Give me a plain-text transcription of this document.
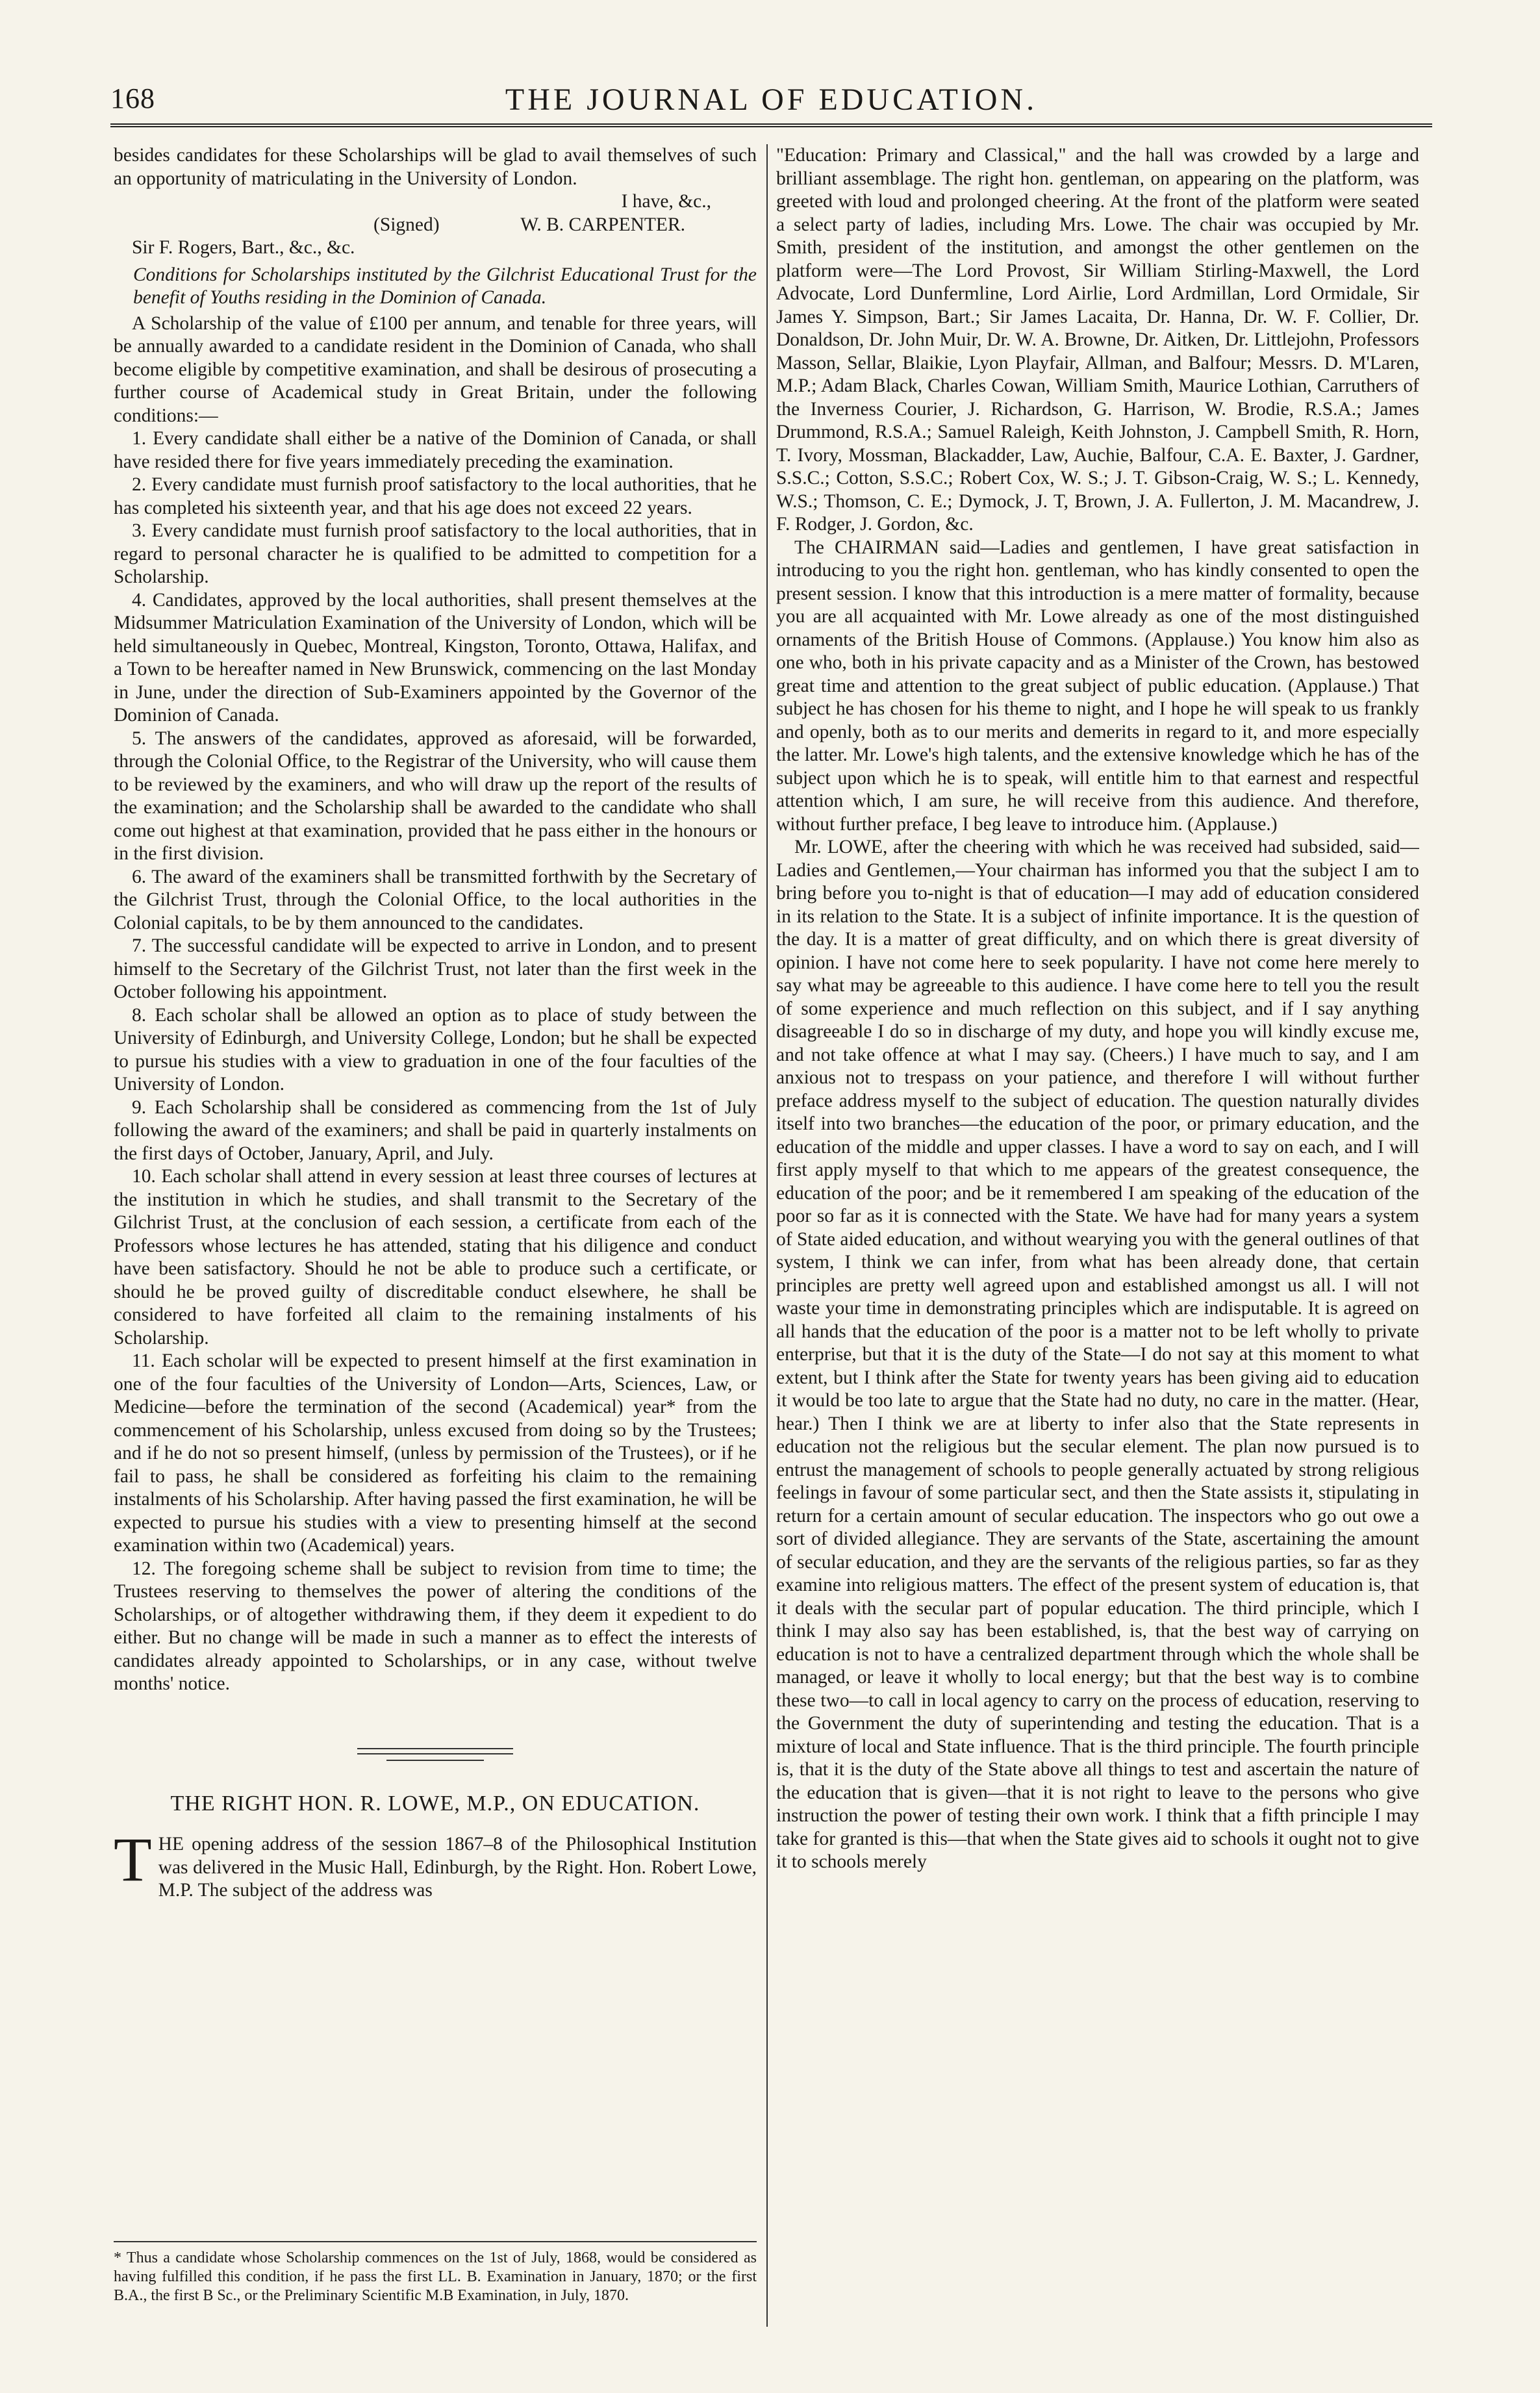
168	THE JOURNAL OF EDUCATION.

besides candidates for these Scholarships will be glad to avail themselves of such an opportunity of matriculating in the University of London.

I have, &c.,

(Signed)	W. B. CARPENTER.

Sir F. Rogers, Bart., &c., &c.

Conditions for Scholarships instituted by the Gilchrist Educational Trust for the benefit of Youths residing in the Dominion of Canada.

A Scholarship of the value of £100 per annum, and tenable for three years, will be annually awarded to a candidate resident in the Dominion of Canada, who shall become eligible by competitive examination, and shall be desirous of prosecuting a further course of Academical study in Great Britain, under the following conditions:—

1. Every candidate shall either be a native of the Dominion of Canada, or shall have resided there for five years immediately preceding the examination.

2. Every candidate must furnish proof satisfactory to the local authorities, that he has completed his sixteenth year, and that his age does not exceed 22 years.

3. Every candidate must furnish proof satisfactory to the local authorities, that in regard to personal character he is qualified to be admitted to competition for a Scholarship.

4. Candidates, approved by the local authorities, shall present themselves at the Midsummer Matriculation Examination of the University of London, which will be held simultaneously in Quebec, Montreal, Kingston, Toronto, Ottawa, Halifax, and a Town to be hereafter named in New Brunswick, commencing on the last Monday in June, under the direction of Sub-Examiners appointed by the Governor of the Dominion of Canada.

5. The answers of the candidates, approved as aforesaid, will be forwarded, through the Colonial Office, to the Registrar of the University, who will cause them to be reviewed by the examiners, and who will draw up the report of the results of the examination; and the Scholarship shall be awarded to the candidate who shall come out highest at that examination, provided that he pass either in the honours or in the first division.

6. The award of the examiners shall be transmitted forthwith by the Secretary of the Gilchrist Trust, through the Colonial Office, to the local authorities in the Colonial capitals, to be by them announced to the candidates.

7. The successful candidate will be expected to arrive in London, and to present himself to the Secretary of the Gilchrist Trust, not later than the first week in the October following his appointment.

8. Each scholar shall be allowed an option as to place of study between the University of Edinburgh, and University College, London; but he shall be expected to pursue his studies with a view to graduation in one of the four faculties of the University of London.

9. Each Scholarship shall be considered as commencing from the 1st of July following the award of the examiners; and shall be paid in quarterly instalments on the first days of October, January, April, and July.

10. Each scholar shall attend in every session at least three courses of lectures at the institution in which he studies, and shall transmit to the Secretary of the Gilchrist Trust, at the conclusion of each session, a certificate from each of the Professors whose lectures he has attended, stating that his diligence and conduct have been satisfactory. Should he not be able to produce such a certificate, or should he be proved guilty of discreditable conduct elsewhere, he shall be considered to have forfeited all claim to the remaining instalments of his Scholarship.

11. Each scholar will be expected to present himself at the first examination in one of the four faculties of the University of London—Arts, Sciences, Law, or Medicine—before the termination of the second (Academical) year* from the commencement of his Scholarship, unless excused from doing so by the Trustees; and if he do not so present himself, (unless by permission of the Trustees), or if he fail to pass, he shall be considered as forfeiting his claim to the remaining instalments of his Scholarship. After having passed the first examination, he will be expected to pursue his studies with a view to presenting himself at the second examination within two (Academical) years.

12. The foregoing scheme shall be subject to revision from time to time; the Trustees reserving to themselves the power of altering the conditions of the Scholarships, or of altogether withdrawing them, if they deem it expedient to do either. But no change will be made in such a manner as to effect the interests of candidates already appointed to Scholarships, or in any case, without twelve months' notice.

THE RIGHT HON. R. LOWE, M.P., ON EDUCATION.

THE opening address of the session 1867–8 of the Philosophical Institution was delivered in the Music Hall, Edinburgh, by the Right. Hon. Robert Lowe, M.P. The subject of the address was

"Education: Primary and Classical," and the hall was crowded by a large and brilliant assemblage. The right hon. gentleman, on appearing on the platform, was greeted with loud and prolonged cheering. At the front of the platform were seated a select party of ladies, including Mrs. Lowe. The chair was occupied by Mr. Smith, president of the institution, and amongst the other gentlemen on the platform were—The Lord Provost, Sir William Stirling-Maxwell, the Lord Advocate, Lord Dunfermline, Lord Airlie, Lord Ardmillan, Lord Ormidale, Sir James Y. Simpson, Bart.; Sir James Lacaita, Dr. Hanna, Dr. W. F. Collier, Dr. Donaldson, Dr. John Muir, Dr. W. A. Browne, Dr. Aitken, Dr. Littlejohn, Professors Masson, Sellar, Blaikie, Lyon Playfair, Allman, and Balfour; Messrs. D. M'Laren, M.P.; Adam Black, Charles Cowan, William Smith, Maurice Lothian, Carruthers of the Inverness Courier, J. Richardson, G. Harrison, W. Brodie, R.S.A.; James Drummond, R.S.A.; Samuel Raleigh, Keith Johnston, J. Campbell Smith, R. Horn, T. Ivory, Mossman, Blackadder, Law, Auchie, Balfour, C.A. E. Baxter, J. Gardner, S.S.C.; Cotton, S.S.C.; Robert Cox, W. S.; J. T. Gibson-Craig, W. S.; L. Kennedy, W.S.; Thomson, C. E.; Dymock, J. T, Brown, J. A. Fullerton, J. M. Macandrew, J. F. Rodger, J. Gordon, &c.

The CHAIRMAN said—Ladies and gentlemen, I have great satisfaction in introducing to you the right hon. gentleman, who has kindly consented to open the present session. I know that this introduction is a mere matter of formality, because you are all acquainted with Mr. Lowe already as one of the most distinguished ornaments of the British House of Commons. (Applause.) You know him also as one who, both in his private capacity and as a Minister of the Crown, has bestowed great time and attention to the great subject of public education. (Applause.) That subject he has chosen for his theme to night, and I hope he will speak to us frankly and openly, both as to our merits and demerits in regard to it, and more especially the latter. Mr. Lowe's high talents, and the extensive knowledge which he has of the subject upon which he is to speak, will entitle him to that earnest and respectful attention which, I am sure, he will receive from this audience. And therefore, without further preface, I beg leave to introduce him. (Applause.)

Mr. LOWE, after the cheering with which he was received had subsided, said—Ladies and Gentlemen,—Your chairman has informed you that the subject I am to bring before you to-night is that of education—I may add of education considered in its relation to the State. It is a subject of infinite importance. It is the question of the day. It is a matter of great difficulty, and on which there is great diversity of opinion. I have not come here to seek popularity. I have not come here merely to say what may be agreeable to this audience. I have come here to tell you the result of some experience and much reflection on this subject, and if I say anything disagreeable I do so in discharge of my duty, and hope you will kindly excuse me, and not take offence at what I may say. (Cheers.) I have much to say, and I am anxious not to trespass on your patience, and therefore I will without further preface address myself to the subject of education. The question naturally divides itself into two branches—the education of the poor, or primary education, and the education of the middle and upper classes. I have a word to say on each, and I will first apply myself to that which to me appears of the greatest consequence, the education of the poor; and be it remembered I am speaking of the education of the poor so far as it is connected with the State. We have had for many years a system of State aided education, and without wearying you with the general outlines of that system, I think we can infer, from what has been already done, that certain principles are pretty well agreed upon and established amongst us all. I will not waste your time in demonstrating principles which are indisputable. It is agreed on all hands that the education of the poor is a matter not to be left wholly to private enterprise, but that it is the duty of the State—I do not say at this moment to what extent, but I think after the State for twenty years has been giving aid to education it would be too late to argue that the State had no duty, no care in the matter. (Hear, hear.) Then I think we are at liberty to infer also that the State represents in education not the religious but the secular element. The plan now pursued is to entrust the management of schools to people generally actuated by strong religious feelings in favour of some particular sect, and then the State assists it, stipulating in return for a certain amount of secular education. The inspectors who go out owe a sort of divided allegiance. They are servants of the State, ascertaining the amount of secular education, and they are the servants of the religious parties, so far as they examine into religious matters. The effect of the present system of education is, that it deals with the secular part of popular education. The third principle, which I think I may also say has been established, is, that the best way of carrying on education is not to have a centralized department through which the whole shall be managed, or leave it wholly to local energy; but that the best way is to combine these two—to call in local agency to carry on the process of education, reserving to the Government the duty of superintending and testing the education. That is a mixture of local and State influence. That is the third principle. The fourth principle is, that it is the duty of the State above all things to test and ascertain the nature of the education that is given—that it is not right to leave to the persons who give instruction the power of testing their own work. I think that a fifth principle I may take for granted is this—that when the State gives aid to schools it ought not to give it to schools merely

* Thus a candidate whose Scholarship commences on the 1st of July, 1868, would be considered as having fulfilled this condition, if he pass the first LL. B. Examination in January, 1870; or the first B.A., the first B Sc., or the Preliminary Scientific M.B Examination, in July, 1870.
